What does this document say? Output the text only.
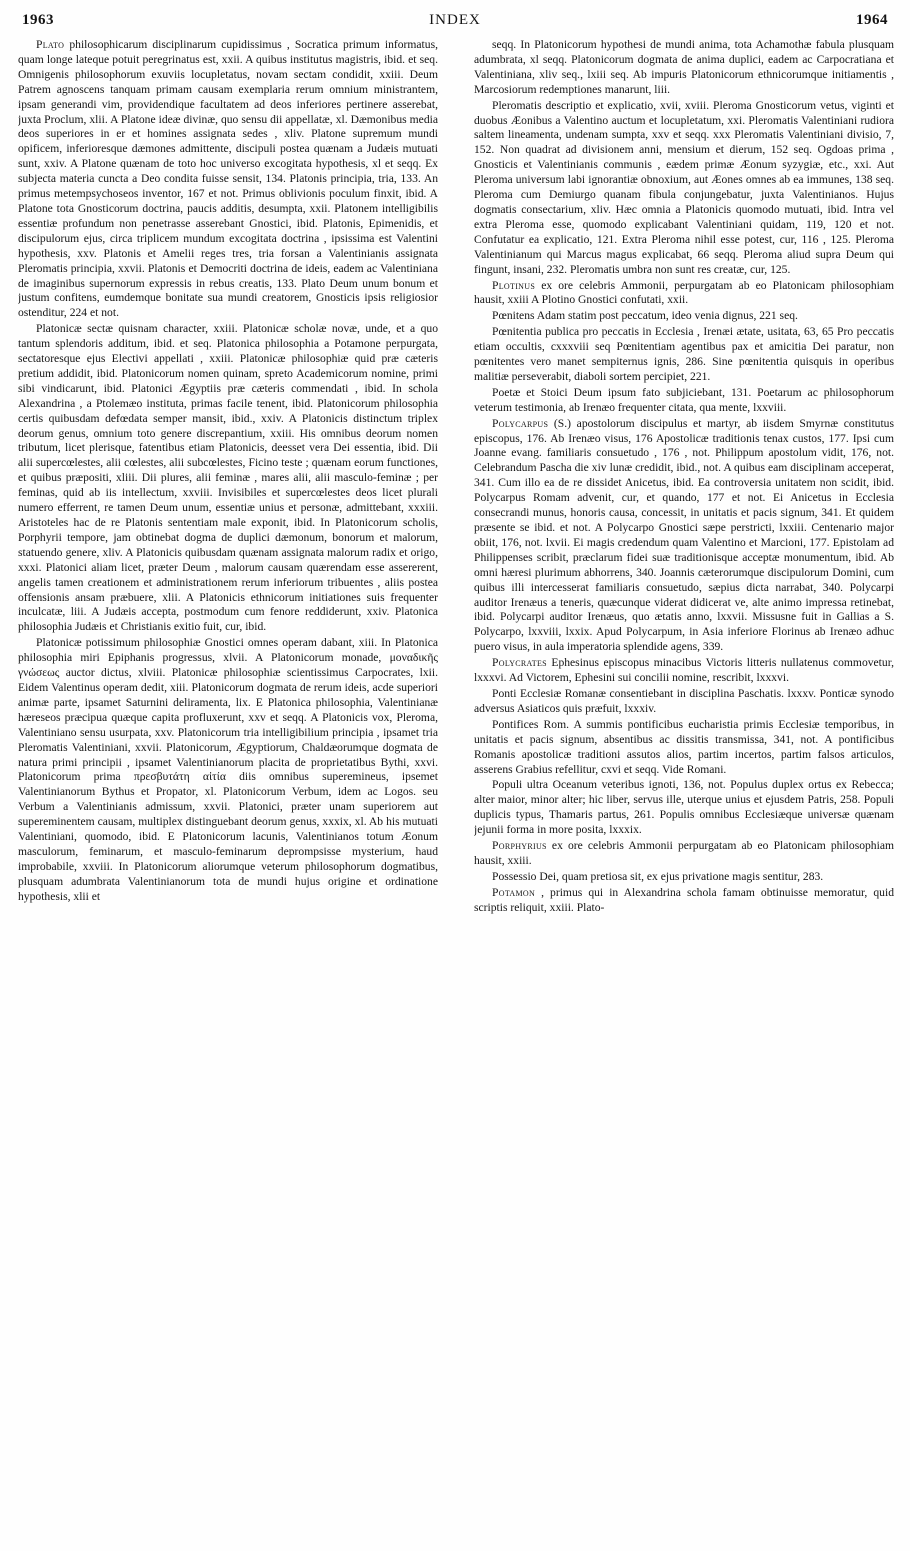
1963	INDEX	1964

Plato philosophicarum disciplinarum cupidissimus , Socratica primum informatus, quam longe lateque potuit peregrinatus est, xxii. A quibus institutus magistris, ibid. et seq. Omnigenis philosophorum exuviis locupletatus, novam sectam condidit, xxiii. Deum Patrem agnoscens tanquam primam causam exemplaria rerum omnium ministrantem, ipsam generandi vim, providendique facultatem ad deos inferiores pertinere asserebat, juxta Proclum, xlii. A Platone ideæ divinæ, quo sensu dii appellatæ, xl. Dæmonibus media deos superiores in er et homines assignata sedes , xliv. Platone supremum mundi opificem, inferioresque dæmones admittente, discipuli postea quænam a Judæis mutuati sunt, xxiv. A Platone quænam de toto hoc universo excogitata hypothesis, xl et seqq. Ex subjecta materia cuncta a Deo condita fuisse sensit, 134. Platonis principia, tria, 133. An primus metempsychoseos inventor, 167 et not. Primus oblivionis poculum finxit, ibid. A Platone tota Gnosticorum doctrina, paucis additis, desumpta, xxii. Platonem intelligibilis essentiæ profundum non penetrasse asserebant Gnostici, ibid. Platonis, Epimenidis, et discipulorum ejus, circa triplicem mundum excogitata doctrina , ipsissima est Valentini hypothesis, xxv. Platonis et Amelii reges tres, tria forsan a Valentinianis assignata Pleromatis principia, xxvii. Platonis et Democriti doctrina de ideis, eadem ac Valentiniana de imaginibus supernorum expressis in rebus creatis, 133. Plato Deum unum bonum et justum confitens, eumdemque bonitate sua mundi creatorem, Gnosticis ipsis religiosior ostenditur, 224 et not.

Platonicæ sectæ quisnam character, xxiii. Platonicæ scholæ novæ, unde, et a quo tantum splendoris additum, ibid. et seq. Platonica philosophia a Potamone perpurgata, sectatoresque ejus Electivi appellati , xxiii. Platonicæ philosophiæ quid præ cæteris pretium addidit, ibid. Platonicorum nomen quinam, spreto Academicorum nomine, primi sibi vindicarunt, ibid. Platonici Ægyptiis præ cæteris commendati , ibid. In schola Alexandrina , a Ptolemæo instituta, primas facile tenent, ibid. Platonicorum philosophia certis quibusdam defœdata semper mansit, ibid., xxiv. A Platonicis distinctum triplex deorum genus, omnium toto genere discrepantium, xxiii. His omnibus deorum nomen tributum, licet plerisque, fatentibus etiam Platonicis, deesset vera Dei essentia, ibid. Dii alii supercœlestes, alii cœlestes, alii subcœlestes, Ficino teste ; quænam eorum functiones, et quibus præpositi, xliii. Dii plures, alii feminæ , mares alii, alii masculo-feminæ ; per feminas, quid ab iis intellectum, xxviii. Invisibiles et supercœlestes deos licet plurali numero efferrent, re tamen Deum unum, essentiæ unius et personæ, admittebant, xxxiii. Aristoteles hac de re Platonis sententiam male exponit, ibid. In Platonicorum scholis, Porphyrii tempore, jam obtinebat dogma de duplici dæmonum, bonorum et malorum, statuendo genere, xliv. A Platonicis quibusdam quænam assignata malorum radix et origo, xxxi. Platonici aliam licet, præter Deum , malorum causam quærendam esse assererent, angelis tamen creationem et administrationem rerum inferiorum tribuentes , aliis postea offensionis ansam præbuere, xlii. A Platonicis ethnicorum initiationes suis frequenter inculcatæ, liii. A Judæis accepta, postmodum cum fenore reddiderunt, xxiv. Platonica philosophia Judæis et Christianis exitio fuit, cur, ibid.

Platonicæ potissimum philosophiæ Gnostici omnes operam dabant, xiii. In Platonica philosophia miri Epiphanis progressus, xlvii. A Platonicorum monade, μοναδικῆς γνώσεως auctor dictus, xlviii. Platonicæ philosophiæ scientissimus Carpocrates, lxii. Eidem Valentinus operam dedit, xiii. Platonicorum dogmata de rerum ideis, acde superiori animæ parte, ipsamet Saturnini deliramenta, lix. E Platonica philosophia, Valentinianæ hæreseos præcipua quæque capita profluxerunt, xxv et seqq. A Platonicis vox, Pleroma, Valentiniano sensu usurpata, xxv. Platonicorum tria intelligibilium principia , ipsamet tria Pleromatis Valentiniani, xxvii. Platonicorum, Ægyptiorum, Chaldæorumque dogmata de natura primi principii , ipsamet Valentinianorum placita de proprietatibus Bythi, xxvi. Platonicorum prima πρεσβυτάτη αἰτία diis omnibus superemineus, ipsemet Valentinianorum Bythus et Propator, xl. Platonicorum Verbum, idem ac Logos. seu Verbum a Valentinianis admissum, xxvii. Platonici, præter unam superiorem aut supereminentem causam, multiplex distinguebant deorum genus, xxxix, xl. Ab his mutuati Valentiniani, quomodo, ibid. E Platonicorum lacunis, Valentinianos totum Æonum masculorum, feminarum, et masculo-feminarum deprompsisse mysterium, haud improbabile, xxviii. In Platonicorum aliorumque veterum philosophorum dogmatibus, plusquam adumbrata Valentinianorum tota de mundi hujus origine et ordinatione hypothesis, xlii et

seqq. In Platonicorum hypothesi de mundi anima, tota Achamothæ fabula plusquam adumbrata, xl seqq. Platonicorum dogmata de anima duplici, eadem ac Carpocratiana et Valentiniana, xliv seq., lxiii seq. Ab impuris Platonicorum ethnicorumque initiamentis , Marcosiorum redemptiones manarunt, liii.

Pleromatis descriptio et explicatio, xvii, xviii. Pleroma Gnosticorum vetus, viginti et duobus Æonibus a Valentino auctum et locupletatum, xxi. Pleromatis Valentiniani rudiora saltem lineamenta, undenam sumpta, xxv et seqq. xxx Pleromatis Valentiniani divisio, 7, 152. Non quadrat ad divisionem anni, mensium et dierum, 152 seq. Ogdoas prima , Gnosticis et Valentinianis communis , eædem primæ Æonum syzygiæ, etc., xxi. Aut Pleroma universum labi ignorantiæ obnoxium, aut Æones omnes ab ea immunes, 138 seq. Pleroma cum Demiurgo quanam fibula conjungebatur, juxta Valentinianos. Hujus dogmatis consectarium, xliv. Hæc omnia a Platonicis quomodo mutuati, ibid. Intra vel extra Pleroma esse, quomodo explicabant Valentiniani quidam, 119, 120 et not. Confutatur ea explicatio, 121. Extra Pleroma nihil esse potest, cur, 116 , 125. Pleroma Valentinianum qui Marcus magus explicabat, 66 seqq. Pleroma aliud supra Deum qui fingunt, insani, 232. Pleromatis umbra non sunt res creatæ, cur, 125.

Plotinus ex ore celebris Ammonii, perpurgatam ab eo Platonicam philosophiam hausit, xxiii A Plotino Gnostici confutati, xxii.

Pœnitens Adam statim post peccatum, ideo venia dignus, 221 seq.

Pœnitentia publica pro peccatis in Ecclesia , Irenæi ætate, usitata, 63, 65 Pro peccatis etiam occultis, cxxxviii seq Pœnitentiam agentibus pax et amicitia Dei paratur, non pœnitentes vero manet sempiternus ignis, 286. Sine pœnitentia quisquis in operibus malitiæ perseverabit, diaboli sortem percipiet, 221.

Poetæ et Stoici Deum ipsum fato subjiciebant, 131. Poetarum ac philosophorum veterum testimonia, ab Irenæo frequenter citata, qua mente, lxxviii.

Polycarpus (S.) apostolorum discipulus et martyr, ab iisdem Smyrnæ constitutus episcopus, 176. Ab Irenæo visus, 176 Apostolicæ traditionis tenax custos, 177. Ipsi cum Joanne evang. familiaris consuetudo , 176 , not. Philippum apostolum vidit, 176, not. Celebrandum Pascha die xiv lunæ credidit, ibid., not. A quibus eam disciplinam acceperat, 341. Cum illo ea de re dissidet Anicetus, ibid. Ea controversia unitatem non scidit, ibid. Polycarpus Romam advenit, cur, et quando, 177 et not. Ei Anicetus in Ecclesia consecrandi munus, honoris causa, concessit, in unitatis et pacis signum, 341. Et quidem præsente se ibid. et not. A Polycarpo Gnostici sæpe perstricti, lxxiii. Centenario major obiit, 176, not. lxvii. Ei magis credendum quam Valentino et Marcioni, 177. Epistolam ad Philippenses scribit, præclarum fidei suæ traditionisque acceptæ monumentum, ibid. Ab omni hæresi plurimum abhorrens, 340. Joannis cæterorumque discipulorum Domini, cum quibus illi intercesserat familiaris consuetudo, sæpius dicta narrabat, 340. Polycarpi auditor Irenæus a teneris, quæcunque viderat didicerat ve, alte animo impressa retinebat, ibid. Polycarpi auditor Irenæus, quo ætatis anno, lxxvii. Missusne fuit in Gallias a S. Polycarpo, lxxviii, lxxix. Apud Polycarpum, in Asia inferiore Florinus ab Irenæo adhuc puero visus, in aula imperatoria splendide agens, 339.

Polycrates Ephesinus episcopus minacibus Victoris litteris nullatenus commovetur, lxxxvi. Ad Victorem, Ephesini sui concilii nomine, rescribit, lxxxvi.

Ponti Ecclesiæ Romanæ consentiebant in disciplina Paschatis. lxxxv. Ponticæ synodo adversus Asiaticos quis præfuit, lxxxiv.

Pontifices Rom. A summis pontificibus eucharistia primis Ecclesiæ temporibus, in unitatis et pacis signum, absentibus ac dissitis transmissa, 341, not. A pontificibus Romanis apostolicæ traditioni assutos alios, partim incertos, partim falsos articulos, asserens Grabius refellitur, cxvi et seqq. Vide Romani.

Populi ultra Oceanum veteribus ignoti, 136, not. Populus duplex ortus ex Rebecca; alter maior, minor alter; hic liber, servus ille, uterque unius et ejusdem Patris, 258. Populi duplicis typus, Thamaris partus, 261. Populis omnibus Ecclesiæque universæ quænam jejunii forma in more posita, lxxxix.

Porphyrius ex ore celebris Ammonii perpurgatam ab eo Platonicam philosophiam hausit, xxiii.

Possessio Dei, quam pretiosa sit, ex ejus privatione magis sentitur, 283.

Potamon , primus qui in Alexandrina schola famam obtinuisse memoratur, quid scriptis reliquit, xxiii. Plato-
